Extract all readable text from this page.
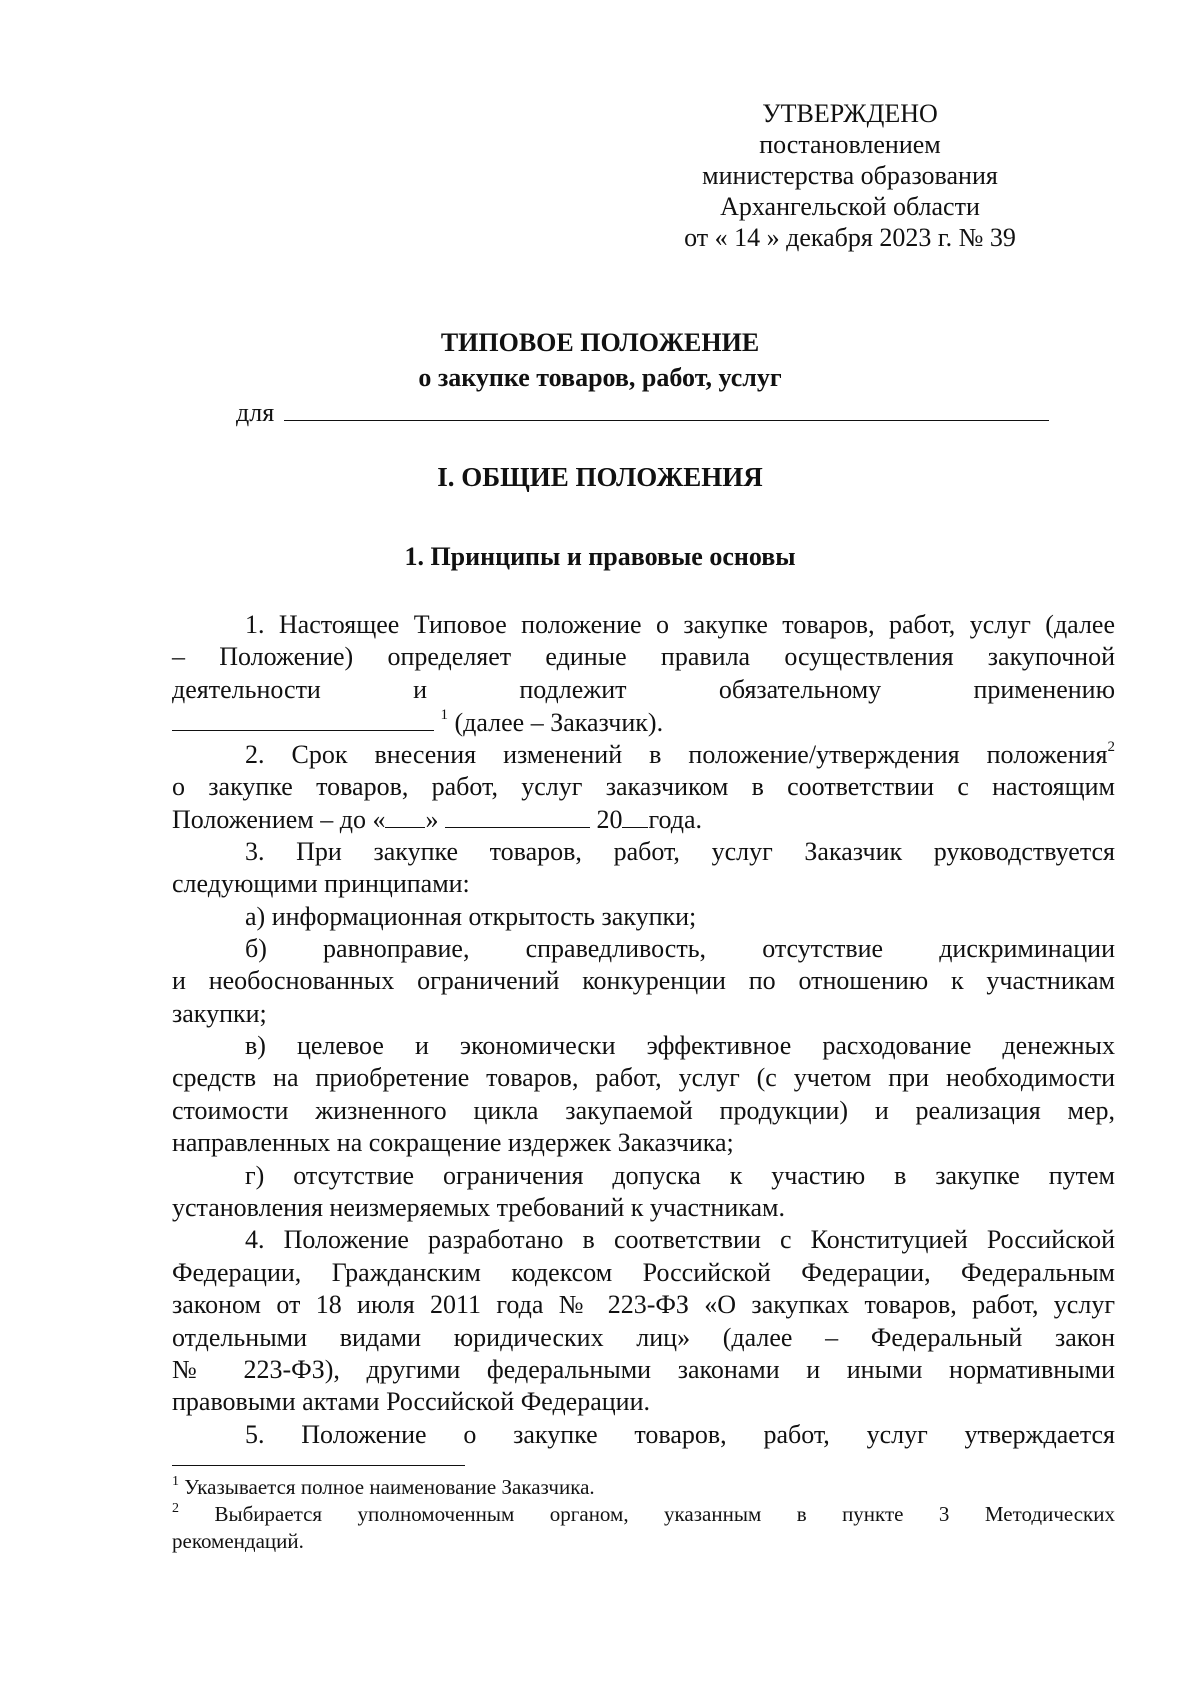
УТВЕРЖДЕНО
постановлением
министерства образования
Архангельской области
от « 14 » декабря 2023 г. № 39
ТИПОВОЕ ПОЛОЖЕНИЕ
о закупке товаров, работ, услуг
для
I. ОБЩИЕ ПОЛОЖЕНИЯ
1. Принципы и правовые основы
1. Настоящее Типовое положение о закупке товаров, работ, услуг (далее
– Положение) определяет единые правила осуществления закупочной
деятельности и подлежит обязательному применению
$^1$ (далее – Заказчик).
2. Срок внесения изменений в положение/утверждения положения$^2$
о закупке товаров, работ, услуг заказчиком в соответствии с настоящим
Положением – до « »	20 года.
3. При закупке товаров, работ, услуг Заказчик руководствуется
следующими принципами:
а) информационная открытость закупки;
б) равноправие, справедливость, отсутствие дискриминации
и необоснованных ограничений конкуренции по отношению к участникам
закупки;
в) целевое и экономически эффективное расходование денежных
средств на приобретение товаров, работ, услуг (с учетом при необходимости
стоимости жизненного цикла закупаемой продукции) и реализация мер,
направленных на сокращение издержек Заказчика;
г) отсутствие ограничения допуска к участию в закупке путем
установления неизмеряемых требований к участникам.
4. Положение разработано в соответствии с Конституцией Российской
Федерации, Гражданским кодексом Российской Федерации, Федеральным
законом от 18 июля 2011 года № 223-ФЗ «О закупках товаров, работ, услуг
отдельными видами юридических лиц» (далее – Федеральный закон
№ 223-ФЗ), другими федеральными законами и иными нормативными
правовыми актами Российской Федерации.
5. Положение о закупке товаров, работ, услуг утверждается
$^1$ Указывается полное наименование Заказчика.
$^2$ Выбирается уполномоченным органом, указанным в пункте 3 Методических
рекомендаций.
